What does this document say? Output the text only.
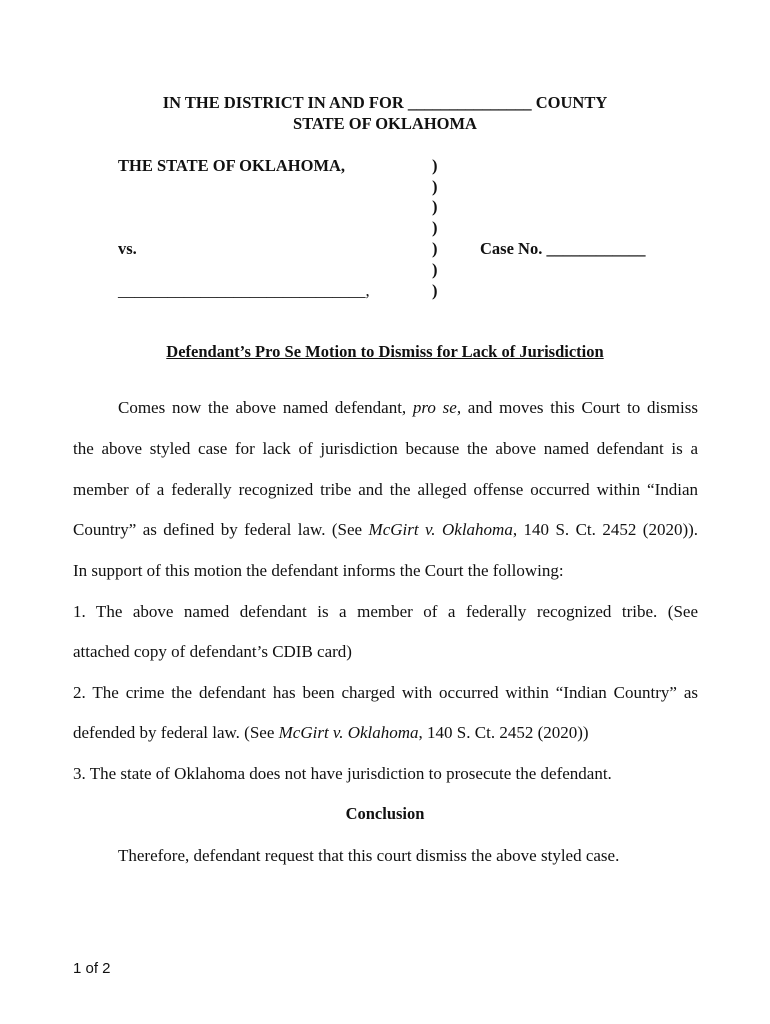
IN THE DISTRICT IN AND FOR _______________ COUNTY
STATE OF OKLAHOMA
THE STATE OF OKLAHOMA,
vs.
______________________________,
Case No. ____________
)
)
)
)
)
)
)
Defendant’s Pro Se Motion to Dismiss for Lack of Jurisdiction
Comes now the above named defendant, pro se, and moves this Court to dismiss
the above styled case for lack of jurisdiction because the above named defendant is a
member of a federally recognized tribe and the alleged offense occurred within “Indian
Country” as defined by federal law. (See McGirt v. Oklahoma, 140 S. Ct. 2452 (2020)).
In support of this motion the defendant informs the Court the following:
1. The above named defendant is a member of a federally recognized tribe. (See
attached copy of defendant’s CDIB card)
2. The crime the defendant has been charged with occurred within “Indian Country” as
defended by federal law. (See McGirt v. Oklahoma, 140 S. Ct. 2452 (2020))
3. The state of Oklahoma does not have jurisdiction to prosecute the defendant.
Conclusion
Therefore, defendant request that this court dismiss the above styled case.
1 of 2
